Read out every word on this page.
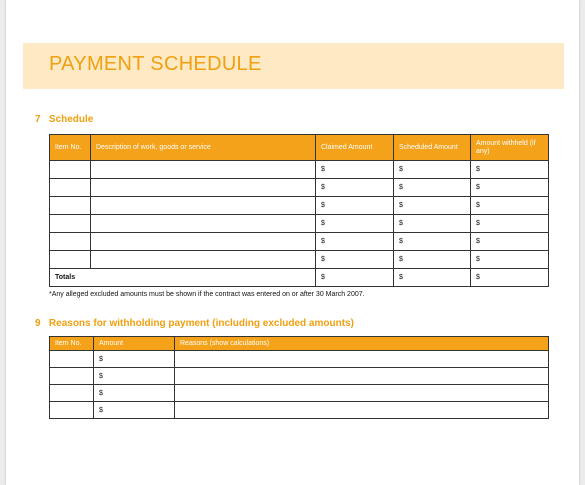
PAYMENT SCHEDULE
7 Schedule
Item No.	Description of work, goods or service	Claimed Amount	Scheduled Amount	Amount withheld (if any)
		$	$	$
		$	$	$
		$	$	$
		$	$	$
		$	$	$
		$	$	$
Totals		$	$	$
*Any alleged excluded amounts must be shown if the contract was entered on or after 30 March 2007.
9 Reasons for withholding payment (including excluded amounts)
Item No.	Amount	Reasons (show calculations)
	$	
	$	
	$	
	$	
